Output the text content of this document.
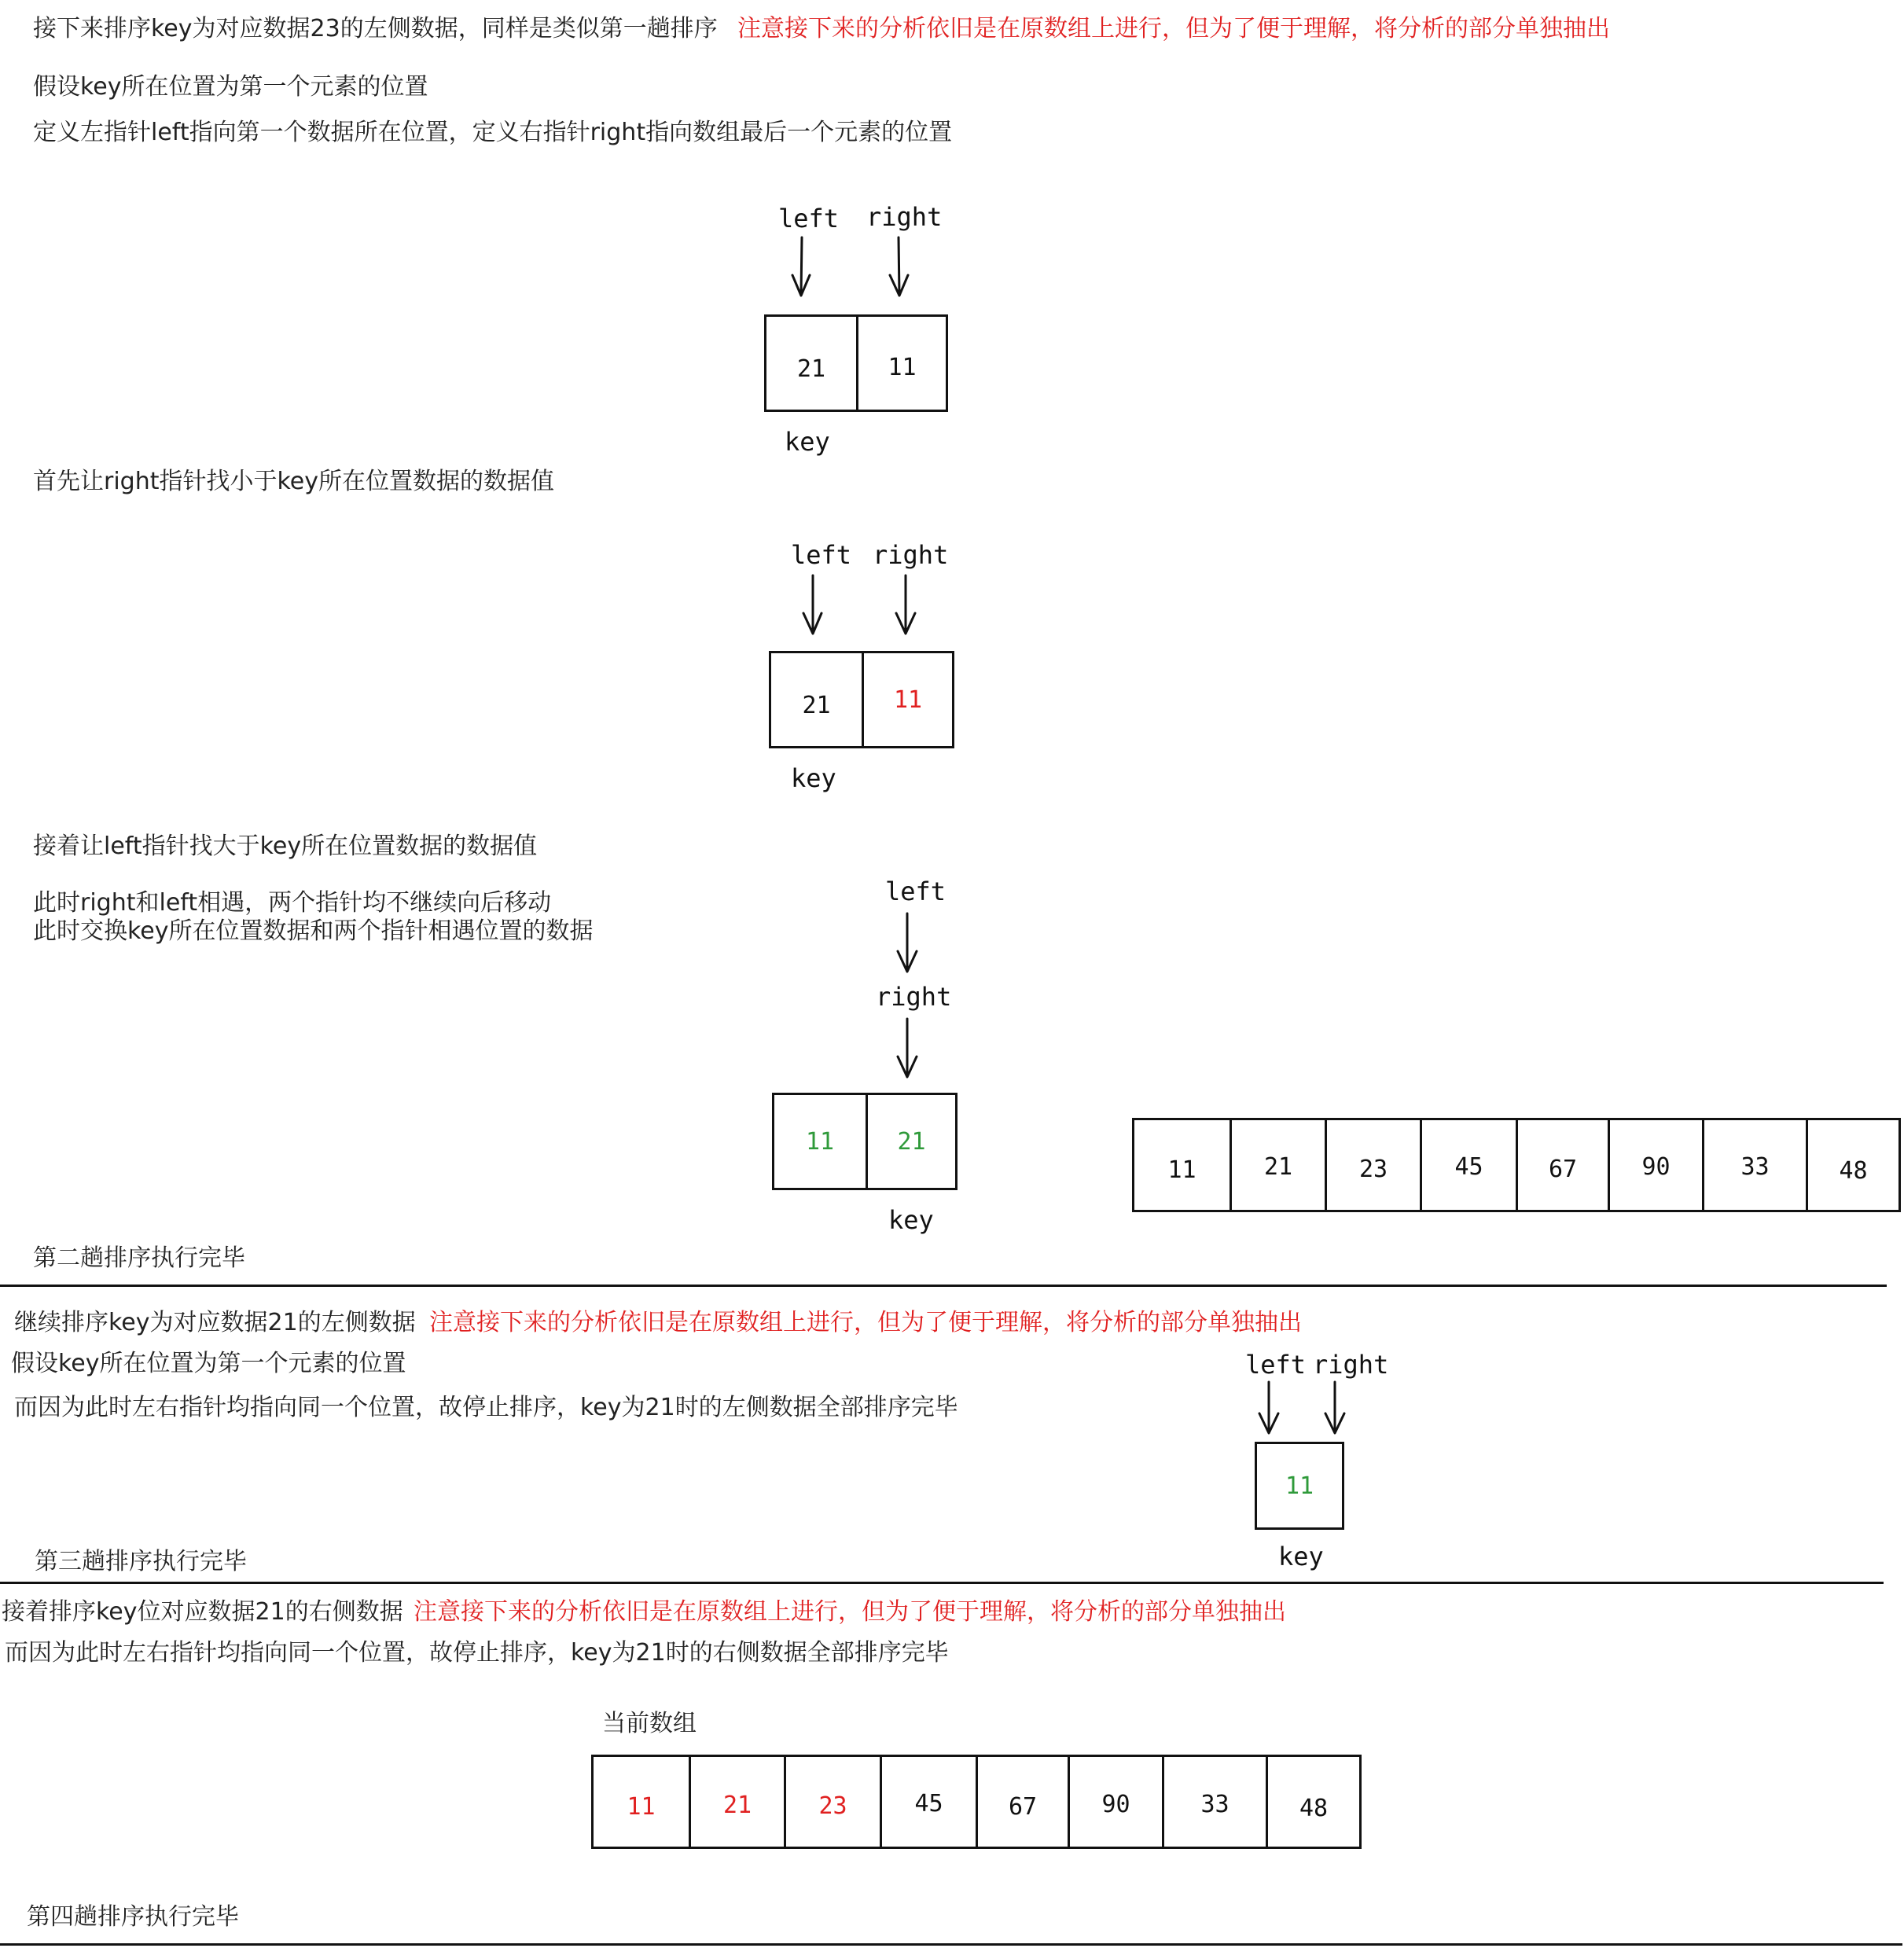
接下来排序key为对应数据23的左侧数据，同样是类似第一趟排序 注意接下来的分析依旧是在原数组上进行，但为了便于理解，将分析的部分单独抽出
假设key所在位置为第一个元素的位置
定义左指针left指向第一个数据所在位置，定义右指针right指向数组最后一个元素的位置
left right
21	11
key
首先让right指针找小于key所在位置数据的数据值
left right
21	11
key
接着让left指针找大于key所在位置数据的数据值
此时right和left相遇，两个指针均不继续向后移动
此时交换key所在位置数据和两个指针相遇位置的数据
left
right
11	21
key
11	21	23	45	67	90	33	48
第二趟排序执行完毕
继续排序key为对应数据21的左侧数据 注意接下来的分析依旧是在原数组上进行，但为了便于理解，将分析的部分单独抽出
假设key所在位置为第一个元素的位置
而因为此时左右指针均指向同一个位置，故停止排序，key为21时的左侧数据全部排序完毕
left right
11
key
第三趟排序执行完毕
接着排序key位对应数据21的右侧数据 注意接下来的分析依旧是在原数组上进行，但为了便于理解，将分析的部分单独抽出
而因为此时左右指针均指向同一个位置，故停止排序，key为21时的右侧数据全部排序完毕
当前数组
11	21	23	45	67	90	33	48
第四趟排序执行完毕
